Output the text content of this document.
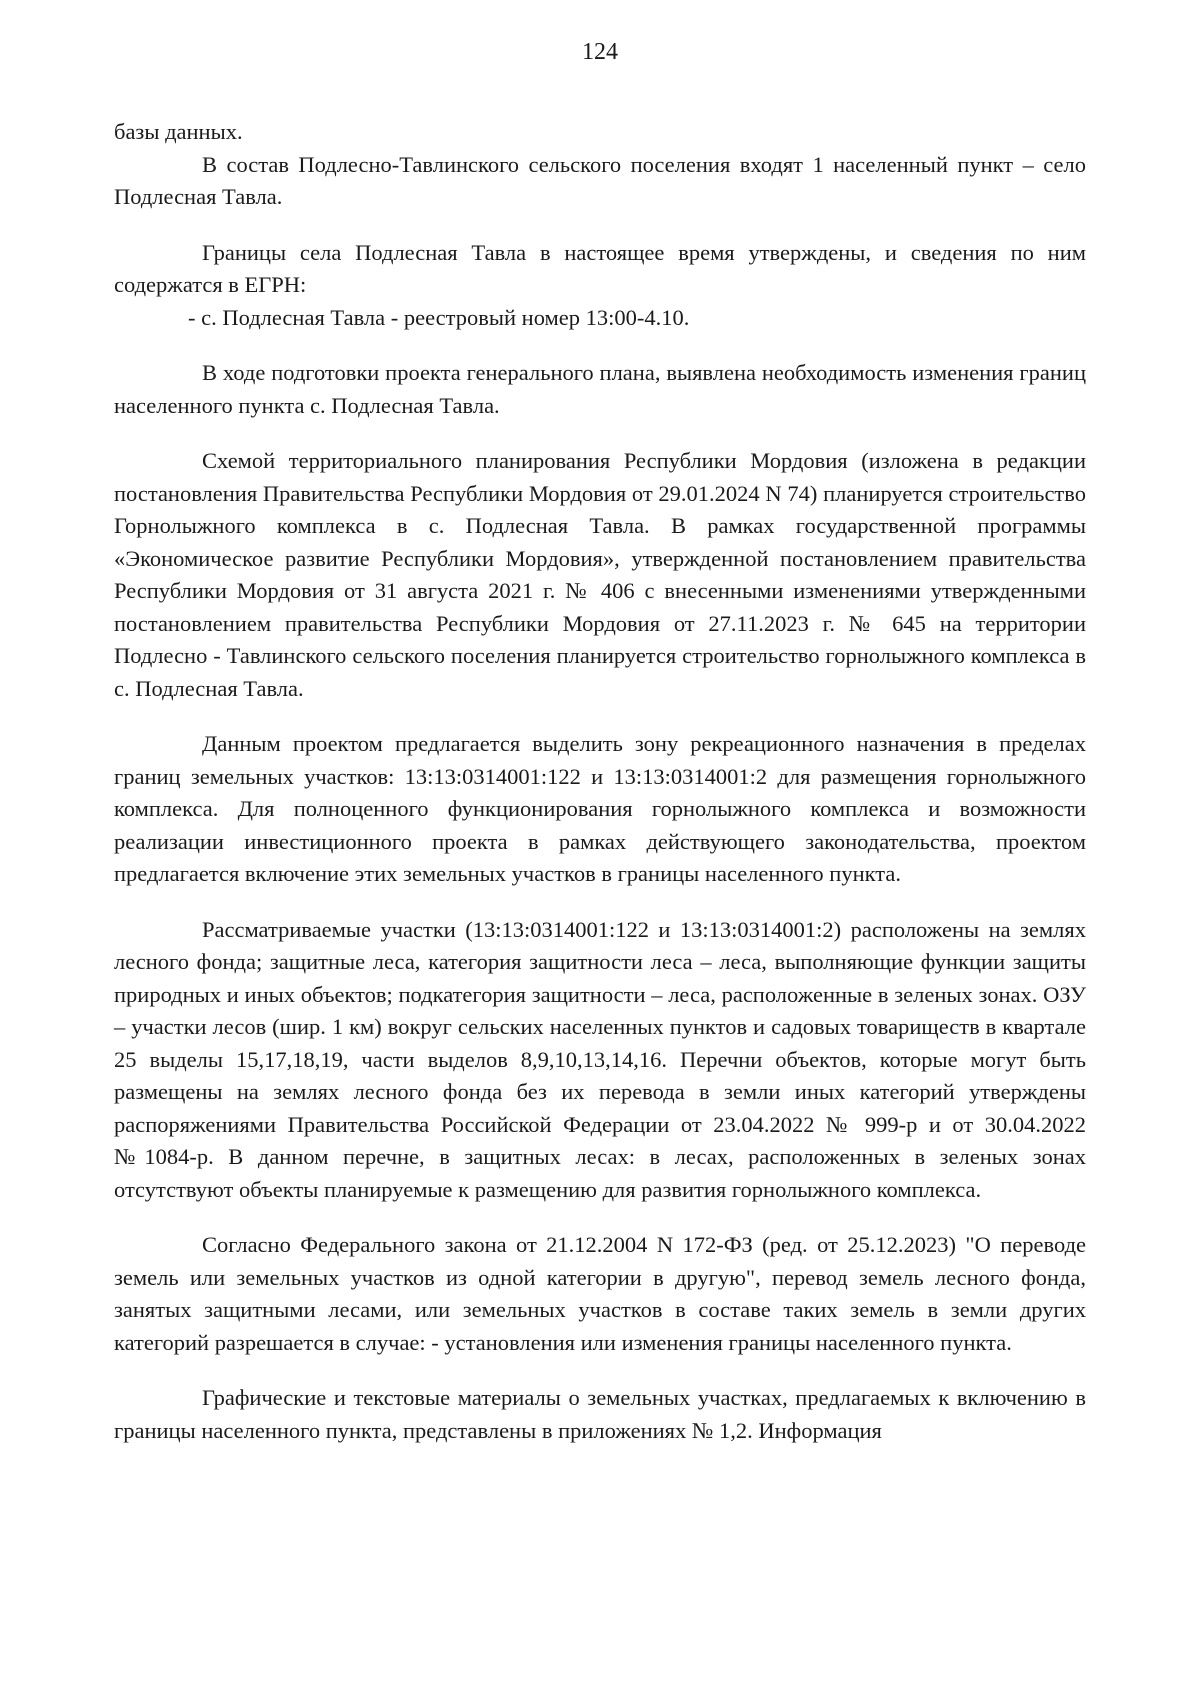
124

базы данных.

В состав Подлесно-Тавлинского сельского поселения входят 1 населенный пункт – село Подлесная Тавла.

Границы села Подлесная Тавла в настоящее время утверждены, и сведения по ним содержатся в ЕГРН:

- с. Подлесная Тавла - реестровый номер 13:00-4.10.

В ходе подготовки проекта генерального плана, выявлена необходимость изменения границ населенного пункта с. Подлесная Тавла.

Схемой территориального планирования Республики Мордовия (изложена в редакции постановления Правительства Республики Мордовия от 29.01.2024 N 74) планируется строительство Горнолыжного комплекса в с. Подлесная Тавла. В рамках государственной программы «Экономическое развитие Республики Мордовия», утвержденной постановлением правительства Республики Мордовия от 31 августа 2021 г. № 406 с внесенными изменениями утвержденными постановлением правительства Республики Мордовия от 27.11.2023 г. № 645 на территории Подлесно - Тавлинского сельского поселения планируется строительство горнолыжного комплекса в с. Подлесная Тавла.

Данным проектом предлагается выделить зону рекреационного назначения в пределах границ земельных участков: 13:13:0314001:122 и 13:13:0314001:2 для размещения горнолыжного комплекса. Для полноценного функционирования горнолыжного комплекса и возможности реализации инвестиционного проекта в рамках действующего законодательства, проектом предлагается включение этих земельных участков в границы населенного пункта.

Рассматриваемые участки (13:13:0314001:122 и 13:13:0314001:2) расположены на землях лесного фонда; защитные леса, категория защитности леса – леса, выполняющие функции защиты природных и иных объектов; подкатегория защитности – леса, расположенные в зеленых зонах. ОЗУ – участки лесов (шир. 1 км) вокруг сельских населенных пунктов и садовых товариществ в квартале 25 выделы 15,17,18,19, части выделов 8,9,10,13,14,16. Перечни объектов, которые могут быть размещены на землях лесного фонда без их перевода в земли иных категорий утверждены распоряжениями Правительства Российской Федерации от 23.04.2022 № 999-р и от 30.04.2022 №1084-р. В данном перечне, в защитных лесах: в лесах, расположенных в зеленых зонах отсутствуют объекты планируемые к размещению для развития горнолыжного комплекса.

Согласно Федерального закона от 21.12.2004 N 172-ФЗ (ред. от 25.12.2023) "О переводе земель или земельных участков из одной категории в другую", перевод земель лесного фонда, занятых защитными лесами, или земельных участков в составе таких земель в земли других категорий разрешается в случае: - установления или изменения границы населенного пункта.

Графические и текстовые материалы о земельных участках, предлагаемых к включению в границы населенного пункта, представлены в приложениях № 1,2. Информация
